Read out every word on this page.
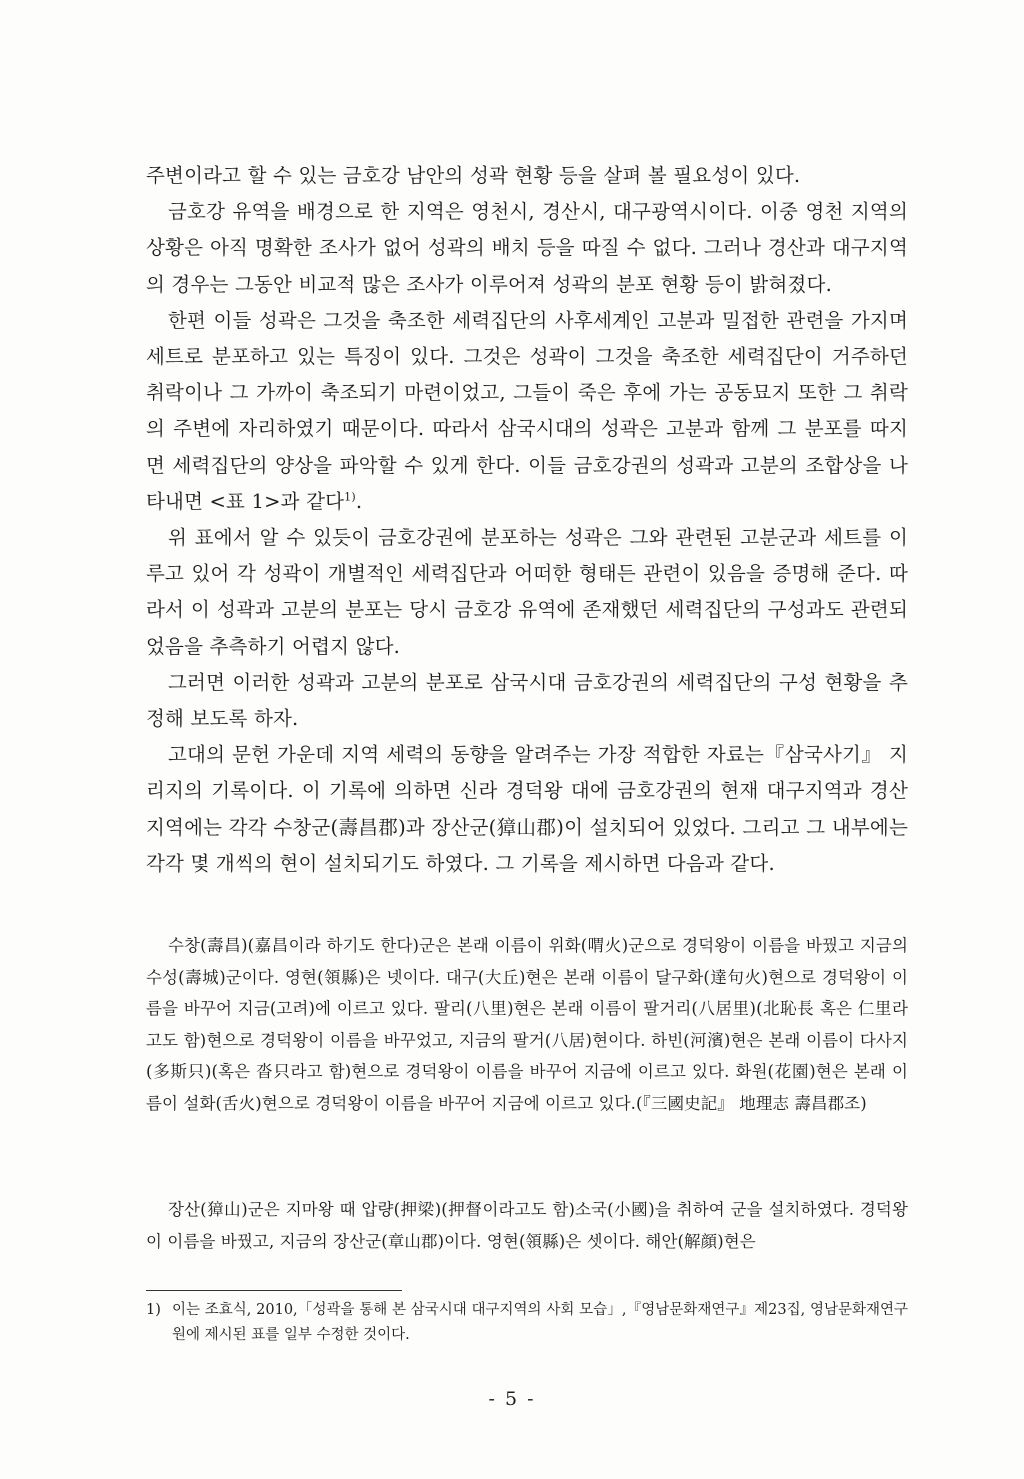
주변이라고 할 수 있는 금호강 남안의 성곽 현황 등을 살펴 볼 필요성이 있다.

금호강 유역을 배경으로 한 지역은 영천시, 경산시, 대구광역시이다. 이중 영천 지역의 상황은 아직 명확한 조사가 없어 성곽의 배치 등을 따질 수 없다. 그러나 경산과 대구지역의 경우는 그동안 비교적 많은 조사가 이루어져 성곽의 분포 현황 등이 밝혀졌다.

한편 이들 성곽은 그것을 축조한 세력집단의 사후세계인 고분과 밀접한 관련을 가지며 세트로 분포하고 있는 특징이 있다. 그것은 성곽이 그것을 축조한 세력집단이 거주하던 취락이나 그 가까이 축조되기 마련이었고, 그들이 죽은 후에 가는 공동묘지 또한 그 취락의 주변에 자리하였기 때문이다. 따라서 삼국시대의 성곽은 고분과 함께 그 분포를 따지면 세력집단의 양상을 파악할 수 있게 한다. 이들 금호강권의 성곽과 고분의 조합상을 나타내면 <표 1>과 같다$^{1)}$.

위 표에서 알 수 있듯이 금호강권에 분포하는 성곽은 그와 관련된 고분군과 세트를 이루고 있어 각 성곽이 개별적인 세력집단과 어떠한 형태든 관련이 있음을 증명해 준다. 따라서 이 성곽과 고분의 분포는 당시 금호강 유역에 존재했던 세력집단의 구성과도 관련되었음을 추측하기 어렵지 않다.

그러면 이러한 성곽과 고분의 분포로 삼국시대 금호강권의 세력집단의 구성 현황을 추정해 보도록 하자.

고대의 문헌 가운데 지역 세력의 동향을 알려주는 가장 적합한 자료는『삼국사기』 지리지의 기록이다. 이 기록에 의하면 신라 경덕왕 대에 금호강권의 현재 대구지역과 경산지역에는 각각 수창군(壽昌郡)과 장산군(獐山郡)이 설치되어 있었다. 그리고 그 내부에는 각각 몇 개씩의 현이 설치되기도 하였다. 그 기록을 제시하면 다음과 같다.

수창(壽昌)(嘉昌이라 하기도 한다)군은 본래 이름이 위화(喟火)군으로 경덕왕이 이름을 바꿨고 지금의 수성(壽城)군이다. 영현(領縣)은 넷이다. 대구(大丘)현은 본래 이름이 달구화(達句火)현으로 경덕왕이 이름을 바꾸어 지금(고려)에 이르고 있다. 팔리(八里)현은 본래 이름이 팔거리(八居里)(北恥長 혹은 仁里라고도 함)현으로 경덕왕이 이름을 바꾸었고, 지금의 팔거(八居)현이다. 하빈(河濱)현은 본래 이름이 다사지(多斯只)(혹은 沓只라고 함)현으로 경덕왕이 이름을 바꾸어 지금에 이르고 있다. 화원(花園)현은 본래 이름이 설화(舌火)현으로 경덕왕이 이름을 바꾸어 지금에 이르고 있다.(『三國史記』 地理志 壽昌郡조)

장산(獐山)군은 지마왕 때 압량(押梁)(押督이라고도 함)소국(小國)을 취하여 군을 설치하였다. 경덕왕이 이름을 바꿨고, 지금의 장산군(章山郡)이다. 영현(領縣)은 셋이다. 해안(解顔)현은

1) 이는 조효식, 2010,「성곽을 통해 본 삼국시대 대구지역의 사회 모습」,『영남문화재연구』제23집, 영남문화재연구원에 제시된 표를 일부 수정한 것이다.
- 5 -
